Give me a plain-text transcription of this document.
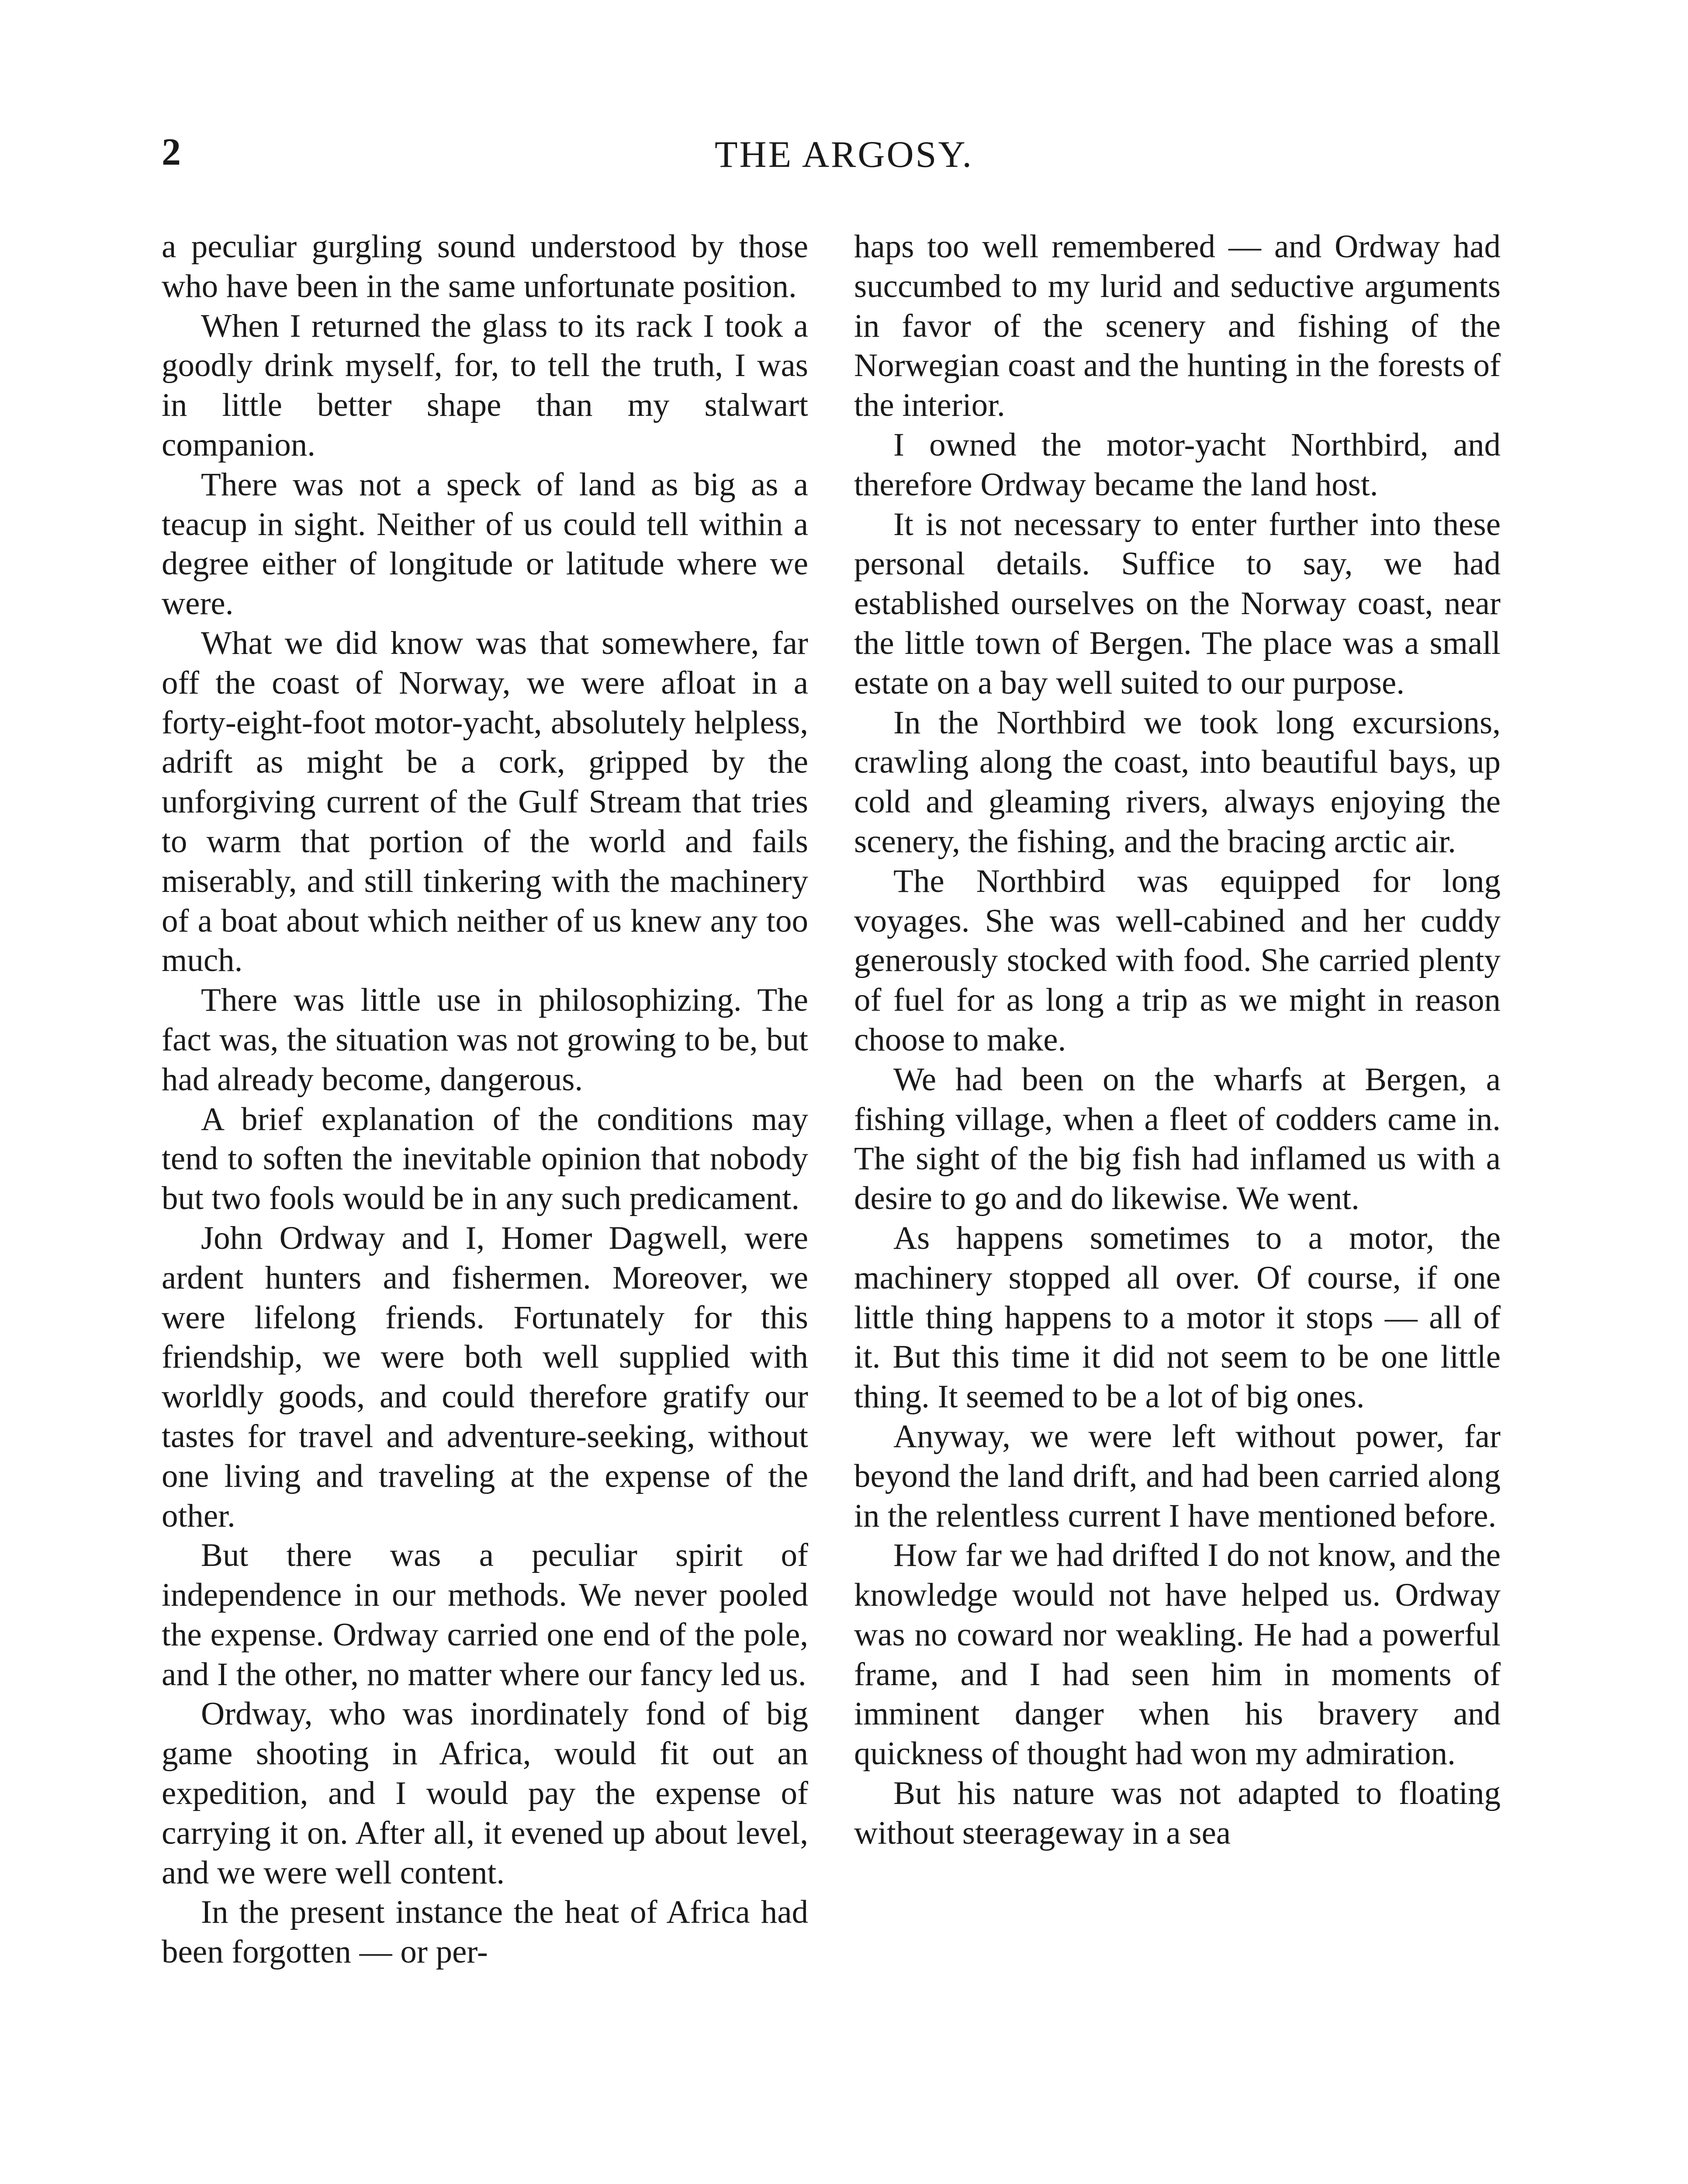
2	THE ARGOSY.

a peculiar gurgling sound understood by those who have been in the same unfortunate position.

When I returned the glass to its rack I took a goodly drink myself, for, to tell the truth, I was in little better shape than my stalwart companion.

There was not a speck of land as big as a teacup in sight. Neither of us could tell within a degree either of longitude or latitude where we were.

What we did know was that somewhere, far off the coast of Norway, we were afloat in a forty-eight-foot motor-yacht, absolutely helpless, adrift as might be a cork, gripped by the unforgiving current of the Gulf Stream that tries to warm that portion of the world and fails miserably, and still tinkering with the machinery of a boat about which neither of us knew any too much.

There was little use in philosophizing. The fact was, the situation was not growing to be, but had already become, dangerous.

A brief explanation of the conditions may tend to soften the inevitable opinion that nobody but two fools would be in any such predicament.

John Ordway and I, Homer Dagwell, were ardent hunters and fishermen. Moreover, we were lifelong friends. Fortunately for this friendship, we were both well supplied with worldly goods, and could therefore gratify our tastes for travel and adventure-seeking, without one living and traveling at the expense of the other.

But there was a peculiar spirit of independence in our methods. We never pooled the expense. Ordway carried one end of the pole, and I the other, no matter where our fancy led us.

Ordway, who was inordinately fond of big game shooting in Africa, would fit out an expedition, and I would pay the expense of carrying it on. After all, it evened up about level, and we were well content.

In the present instance the heat of Africa had been forgotten — or per-

haps too well remembered — and Ordway had succumbed to my lurid and seductive arguments in favor of the scenery and fishing of the Norwegian coast and the hunting in the forests of the interior.

I owned the motor-yacht Northbird, and therefore Ordway became the land host.

It is not necessary to enter further into these personal details. Suffice to say, we had established ourselves on the Norway coast, near the little town of Bergen. The place was a small estate on a bay well suited to our purpose.

In the Northbird we took long excursions, crawling along the coast, into beautiful bays, up cold and gleaming rivers, always enjoying the scenery, the fishing, and the bracing arctic air.

The Northbird was equipped for long voyages. She was well-cabined and her cuddy generously stocked with food. She carried plenty of fuel for as long a trip as we might in reason choose to make.

We had been on the wharfs at Bergen, a fishing village, when a fleet of codders came in. The sight of the big fish had inflamed us with a desire to go and do likewise. We went.

As happens sometimes to a motor, the machinery stopped all over. Of course, if one little thing happens to a motor it stops — all of it. But this time it did not seem to be one little thing. It seemed to be a lot of big ones.

Anyway, we were left without power, far beyond the land drift, and had been carried along in the relentless current I have mentioned before.

How far we had drifted I do not know, and the knowledge would not have helped us. Ordway was no coward nor weakling. He had a powerful frame, and I had seen him in moments of imminent danger when his bravery and quickness of thought had won my admiration.

But his nature was not adapted to floating without steerageway in a sea
